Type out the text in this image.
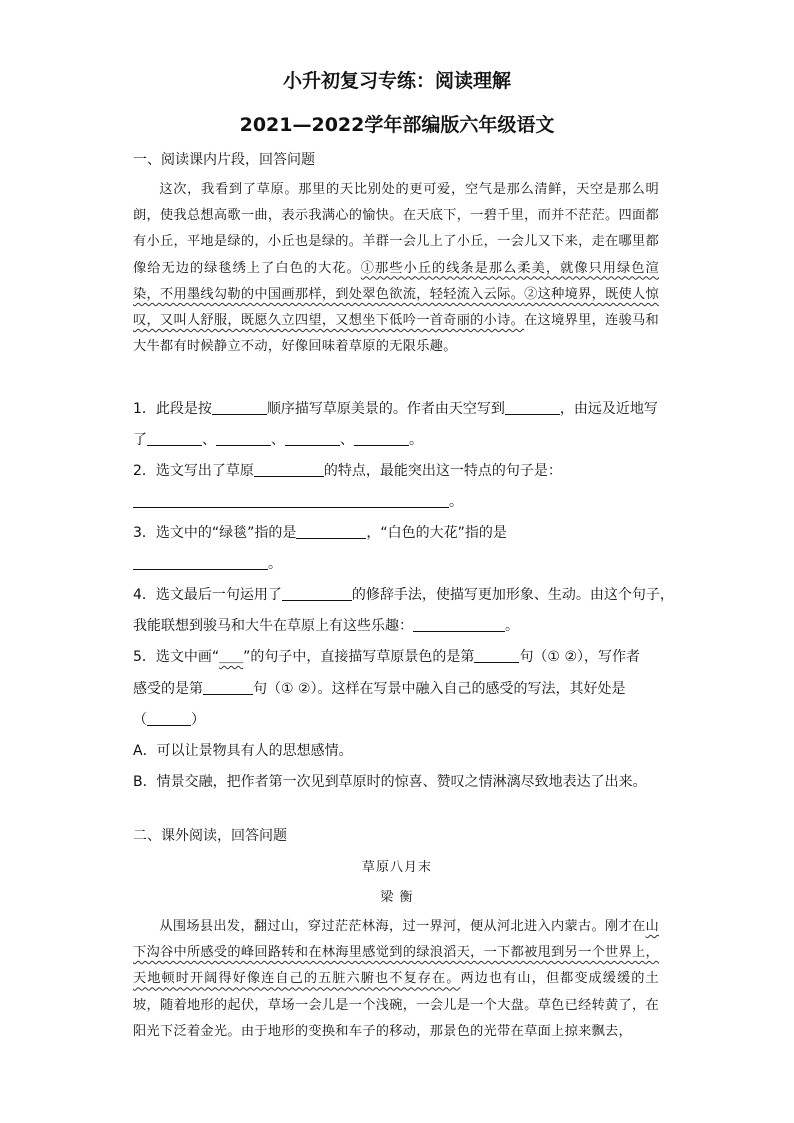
小升初复习专练：阅读理解
2021—2022学年部编版六年级语文
一、阅读课内片段，回答问题

这次，我看到了草原。那里的天比别处的更可爱，空气是那么清鲜，天空是那么明朗，使我总想高歌一曲，表示我满心的愉快。在天底下，一碧千里，而并不茫茫。四面都有小丘，平地是绿的，小丘也是绿的。羊群一会儿上了小丘，一会儿又下来，走在哪里都像给无边的绿毯绣上了白色的大花。①那些小丘的线条是那么柔美，就像只用绿色渲染，不用墨线勾勒的中国画那样，到处翠色欲流，轻轻流入云际。②这种境界，既使人惊叹，又叫人舒服，既愿久立四望，又想坐下低吟一首奇丽的小诗。在这境界里，连骏马和大牛都有时候静立不动，好像回味着草原的无限乐趣。

1．此段是按	顺序描写草原美景的。作者由天空写到	，由远及近地写
了	、	、	、	。
2．选文写出了草原	的特点，最能突出这一特点的句子是：
。
3．选文中的“绿毯”指的是	，“白色的大花”指的是
。
4．选文最后一句运用了	的修辞手法，使描写更加形象、生动。由这个句子，
我能联想到骏马和大牛在草原上有这些乐趣：	。
5．选文中画“______”的句子中，直接描写草原景色的是第	句（① ②），写作者
感受的是第	句（① ②）。这样在写景中融入自己的感受的写法，其好处是
（	）
A．可以让景物具有人的思想感情。
B．情景交融，把作者第一次见到草原时的惊喜、赞叹之情淋漓尽致地表达了出来。
二、课外阅读，回答问题
草原八月末
梁 衡

从围场县出发，翻过山，穿过茫茫林海，过一界河，便从河北进入内蒙古。刚才在山下沟谷中所感受的峰回路转和在林海里感觉到的绿浪滔天，一下都被甩到另一个世界上，天地顿时开阔得好像连自己的五脏六腑也不复存在。两边也有山，但都变成缓缓的土坡，随着地形的起伏，草场一会儿是一个浅碗，一会儿是一个大盘。草色已经转黄了，在阳光下泛着金光。由于地形的变换和车子的移动，那景色的光带在草面上掠来飘去，
